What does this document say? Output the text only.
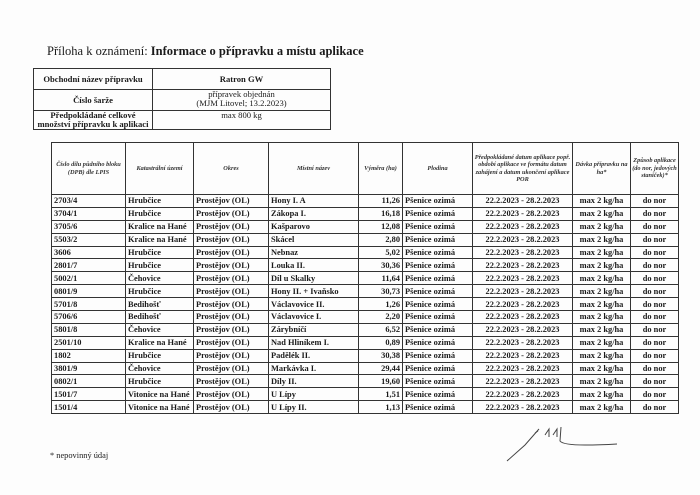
Příloha k oznámení: Informace o přípravku a místu aplikace
Obchodní název přípravku	Ratron GW
Číslo šarže	přípravek objednán
(MJM Litovel; 13.2.2023)

Předpokládané celkové
množství přípravku k aplikaci	max 800 kg
Číslo dílu půdního bloku (DPB) dle LPIS	Katastrální území	Okres	Místní název	Výměra (ha)	Plodina	Předpokládané datum aplikace popř. období aplikace ve formátu datum zahájení a datum ukončení aplikace POR	Dávka přípravku na ha*	Způsob aplikace (do nor, jedových staniček)*
2703/4	Hrubčice	Prostějov (OL)	Hony I. A	11,26	Pšenice ozimá	22.2.2023 - 28.2.2023	max 2 kg/ha	do nor
3704/1	Hrubčice	Prostějov (OL)	Zákopa I.	16,18	Pšenice ozimá	22.2.2023 - 28.2.2023	max 2 kg/ha	do nor
3705/6	Kralice na Hané	Prostějov (OL)	Kašparovo	12,08	Pšenice ozimá	22.2.2023 - 28.2.2023	max 2 kg/ha	do nor
5503/2	Kralice na Hané	Prostějov (OL)	Skácel	2,80	Pšenice ozimá	22.2.2023 - 28.2.2023	max 2 kg/ha	do nor
3606	Hrubčice	Prostějov (OL)	Nebnaz	5,02	Pšenice ozimá	22.2.2023 - 28.2.2023	max 2 kg/ha	do nor
2801/7	Hrubčice	Prostějov (OL)	Louka II.	30,36	Pšenice ozimá	22.2.2023 - 28.2.2023	max 2 kg/ha	do nor
5002/1	Čehovice	Prostějov (OL)	Díl u Skalky	11,64	Pšenice ozimá	22.2.2023 - 28.2.2023	max 2 kg/ha	do nor
0801/9	Hrubčice	Prostějov (OL)	Hony II. + Ivaňsko	30,73	Pšenice ozimá	22.2.2023 - 28.2.2023	max 2 kg/ha	do nor
5701/8	Bedihošť	Prostějov (OL)	Václavovice II.	1,26	Pšenice ozimá	22.2.2023 - 28.2.2023	max 2 kg/ha	do nor
5706/6	Bedihošť	Prostějov (OL)	Václavovice I.	2,20	Pšenice ozimá	22.2.2023 - 28.2.2023	max 2 kg/ha	do nor
5801/8	Čehovice	Prostějov (OL)	Zárybníčí	6,52	Pšenice ozimá	22.2.2023 - 28.2.2023	max 2 kg/ha	do nor
2501/10	Kralice na Hané	Prostějov (OL)	Nad Hliníkem I.	0,89	Pšenice ozimá	22.2.2023 - 28.2.2023	max 2 kg/ha	do nor
1802	Hrubčice	Prostějov (OL)	Padělék II.	30,38	Pšenice ozimá	22.2.2023 - 28.2.2023	max 2 kg/ha	do nor
3801/9	Čehovice	Prostějov (OL)	Markávka I.	29,44	Pšenice ozimá	22.2.2023 - 28.2.2023	max 2 kg/ha	do nor
0802/1	Hrubčice	Prostějov (OL)	Díly II.	19,60	Pšenice ozimá	22.2.2023 - 28.2.2023	max 2 kg/ha	do nor
1501/7	Vitonice na Hané	Prostějov (OL)	U Lípy	1,51	Pšenice ozimá	22.2.2023 - 28.2.2023	max 2 kg/ha	do nor
1501/4	Vitonice na Hané	Prostějov (OL)	U Lípy II.	1,13	Pšenice ozimá	22.2.2023 - 28.2.2023	max 2 kg/ha	do nor
* nepovinný údaj
